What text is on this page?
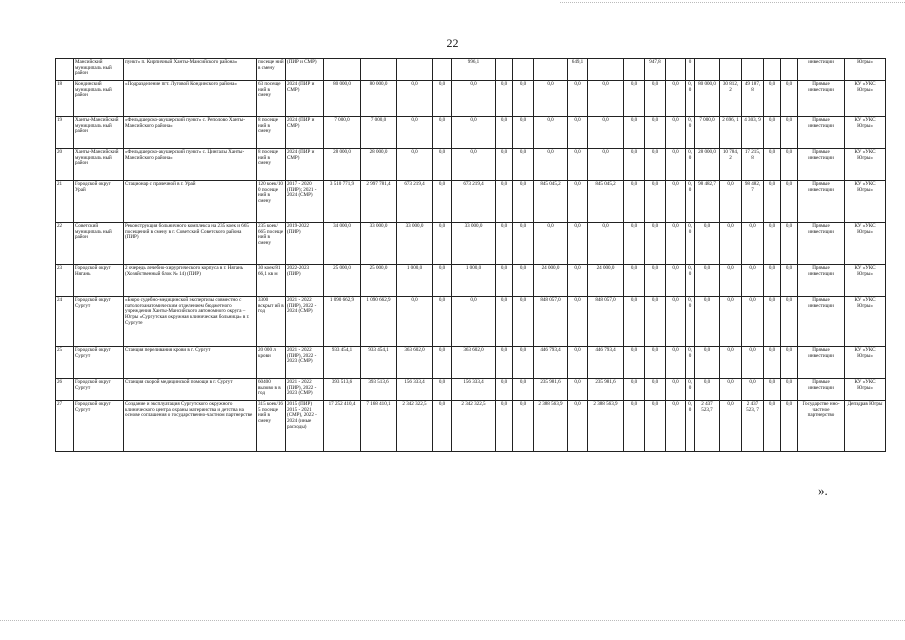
22
	Мансийский муниципаль ный район	пункт» п. Кирпичный Ханты-Мансийского района»	посеще ний в смену	(ПИР и СМР)					996,1				649,1			947,8		0						инвестиции	Югры»
18	Кондинский муниципаль ный район	«Подразделение пгт. Луговой Кондинского района»	63 посеще ний в смену	2024 (ПИР и СМР)	80 000,0	80 000,0	0,0	0,0	0,0	0,0	0,0	0,0	0,0	0,0	0,0	0,0	0,0	0, 0	80 000,0	30 812, 2	49 187, 8	0,0	0,0	Прямые инвестиции	КУ «УКС Югры»
19	Ханты-Мансийский муниципаль ный район	«Фельдшерско-акушерский пункт» с. Реполово Ханты-Мансийского района»	8 посеще ний в смену	2024 (ПИР и СМР)	7 000,0	7 000,0	0,0	0,0	0,0	0,0	0,0	0,0	0,0	0,0	0,0	0,0	0,0	0, 0	7 000,0	2 696, 1	4 303, 9	0,0	0,0	Прямые инвестиции	КУ «УКС Югры»
20	Ханты-Мансийский муниципаль ный район	«Фельдшерско-акушерский пункт» с. Цингалы Ханты-Мансийского района»	8 посеще ний в смену	2024 (ПИР и СМР)	28 000,0	28 000,0	0,0	0,0	0,0	0,0	0,0	0,0	0,0	0,0	0,0	0,0	0,0	0, 0	28 000,0	10 784, 2	17 215, 8	0,0	0,0	Прямые инвестиции	КУ «УКС Югры»
21	Городской округ Урай	Стационар с прачечной в г. Урай	120 коек/10 0 посеще ний в смену	2017 - 2020 (ПИР); 2021 - 2024 (СМР)	3 510 771,9	2 997 781,4	673 219,4	0,0	673 219,4	0,0	0,0	845 045,2	0,0	845 045,2	0,0	0,0	0,0	0, 0	98 482,7	0,0	98 482, 7	0,0	0,0	Прямые инвестиции	КУ «УКС Югры»
22	Советский муниципаль ный район	Реконструкция больничного комплекса на 235 коек и 665 посещений в смену в г. Советский Советского района (ПИР)	235 коек/ 665 посеще ний в смену	2019-2022 (ПИР)	34 000,0	33 000,0	33 000,0	0,0	33 000,0	0,0	0,0	0,0	0,0	0,0	0,0	0,0	0,0	0, 0	0,0	0,0	0,0	0,0	0,0	Прямые инвестиции	КУ «УКС Югры»
23	Городской округ Нягань	2 очередь лечебно-хирургического корпуса в г. Нягань (Хозяйственный блок № 14) (ПИР)	30 коек/81 66,1 кв м	2022-2023 (ПИР)	25 000,0	25 000,0	1 000,0	0,0	1 000,0	0,0	0,0	24 000,0	0,0	24 000,0	0,0	0,0	0,0	0, 0	0,0	0,0	0,0	0,0	0,0	Прямые инвестиции	КУ «УКС Югры»
24	Городской округ Сургут	«Бюро судебно-медицинской экспертизы совместно с патологоанатомическим отделением бюджетного учреждения Ханты-Мансийского автономного округа – Югры «Сургутская окружная клиническая больница» в г. Сургуте	3300 вскрыт ий в год	2021 - 2022 (ПИР), 2022 - 2024 (СМР)	1 090 662,9	1 090 662,9	0,0	0,0	0,0	0,0	0,0	848 057,0	0,0	848 057,0	0,0	0,0	0,0	0, 0	0,0	0,0	0,0	0,0	0,0	Прямые инвестиции	КУ «УКС Югры»
25	Городской округ Сургут	Станция переливания крови в г. Сургут	20 000 л крови	2021 - 2022 (ПИР), 2022 - 2023 (СМР)	933 454,1	933 454,1	363 602,0	0,0	363 602,0	0,0	0,0	446 793,4	0,0	446 793,4	0,0	0,0	0,0	0, 0	0,0	0,0	0,0	0,0	0,0	Прямые инвестиции	КУ «УКС Югры»
26	Городской округ Сургут	Станция скорой медицинской помощи в г. Сургут	60400 вызово в в год	2021 - 2022 (ПИР), 2022 - 2023 (СМР)	393 513,6	393 513,6	156 333,4	0,0	156 333,4	0,0	0,0	235 981,6	0,0	235 981,6	0,0	0,0	0,0	0, 0	0,0	0,0	0,0	0,0	0,0	Прямые инвестиции	КУ «УКС Югры»
27	Городской округ Сургут	Создание и эксплуатация Сургутского окружного клинического центра охраны материнства и детства на основе соглашения о государственно-частном партнерстве	315 коек/16 5 посеще ний в смену	2015 (ПИР) 2015 - 2021 (СМР), 2022 - 2024 (иные расходы)	17 252 410,4	7 168 410,1	2 342 322,5	0,0	2 342 322,5	0,0	0,0	2 388 563,9	0,0	2 388 563,9	0,0	0,0	0,0	0, 0	2 437 523,7	0,0	2 437 523, 7	0,0	0,0	Государстве нно-частное партнерство	Депздрав Югры
».
